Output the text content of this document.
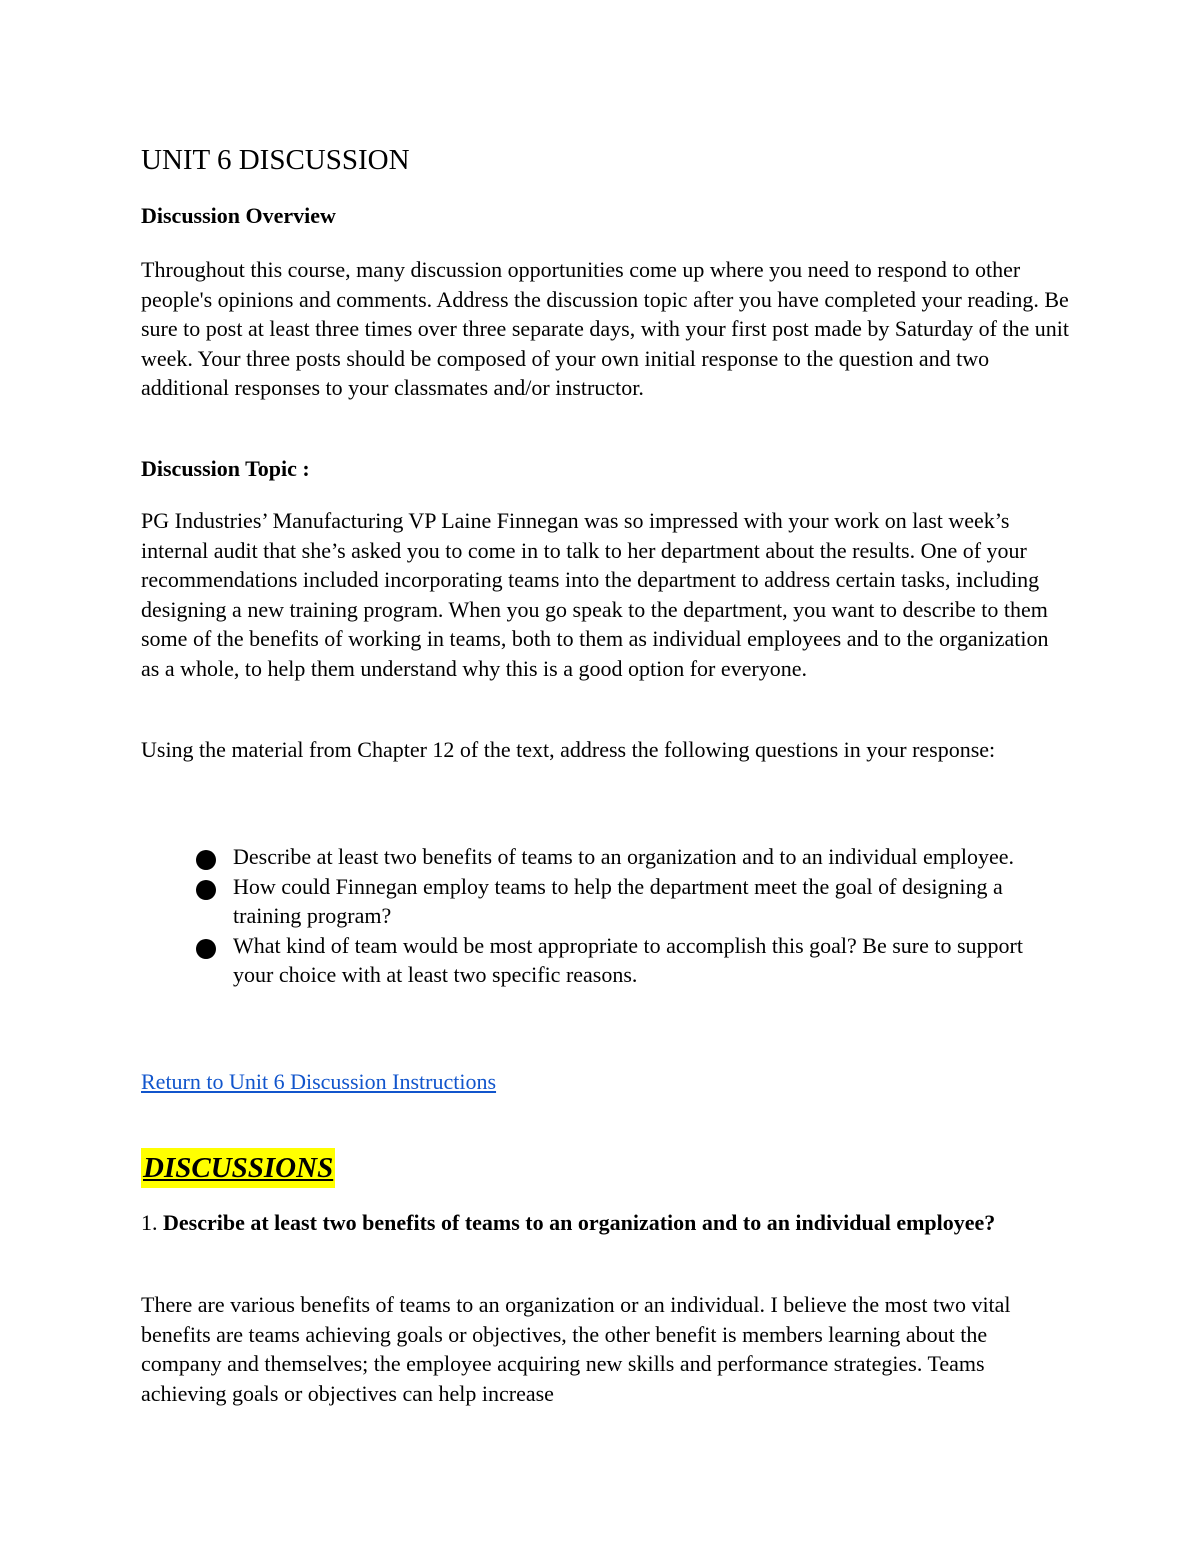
UNIT 6 DISCUSSION

Discussion Overview

Throughout this course, many discussion opportunities come up where you need to respond to other people's opinions and comments. Address the discussion topic after you have completed your reading. Be sure to post at least three times over three separate days, with your first post made by Saturday of the unit week. Your three posts should be composed of your own initial response to the question and two additional responses to your classmates and/or instructor.

Discussion Topic :

PG Industries’ Manufacturing VP Laine Finnegan was so impressed with your work on last week’s internal audit that she’s asked you to come in to talk to her department about the results. One of your recommendations included incorporating teams into the department to address certain tasks, including designing a new training program. When you go speak to the department, you want to describe to them some of the benefits of working in teams, both to them as individual employees and to the organization as a whole, to help them understand why this is a good option for everyone.

Using the material from Chapter 12 of the text, address the following questions in your response:

Describe at least two benefits of teams to an organization and to an individual employee.
How could Finnegan employ teams to help the department meet the goal of designing a training program?
What kind of team would be most appropriate to accomplish this goal? Be sure to support your choice with at least two specific reasons.
Return to Unit 6 Discussion Instructions
DISCUSSIONS

1. Describe at least two benefits of teams to an organization and to an individual employee?

There are various benefits of teams to an organization or an individual. I believe the most two vital benefits are teams achieving goals or objectives, the other benefit is members learning about the company and themselves; the employee acquiring new skills and performance strategies. Teams achieving goals or objectives can help increase
